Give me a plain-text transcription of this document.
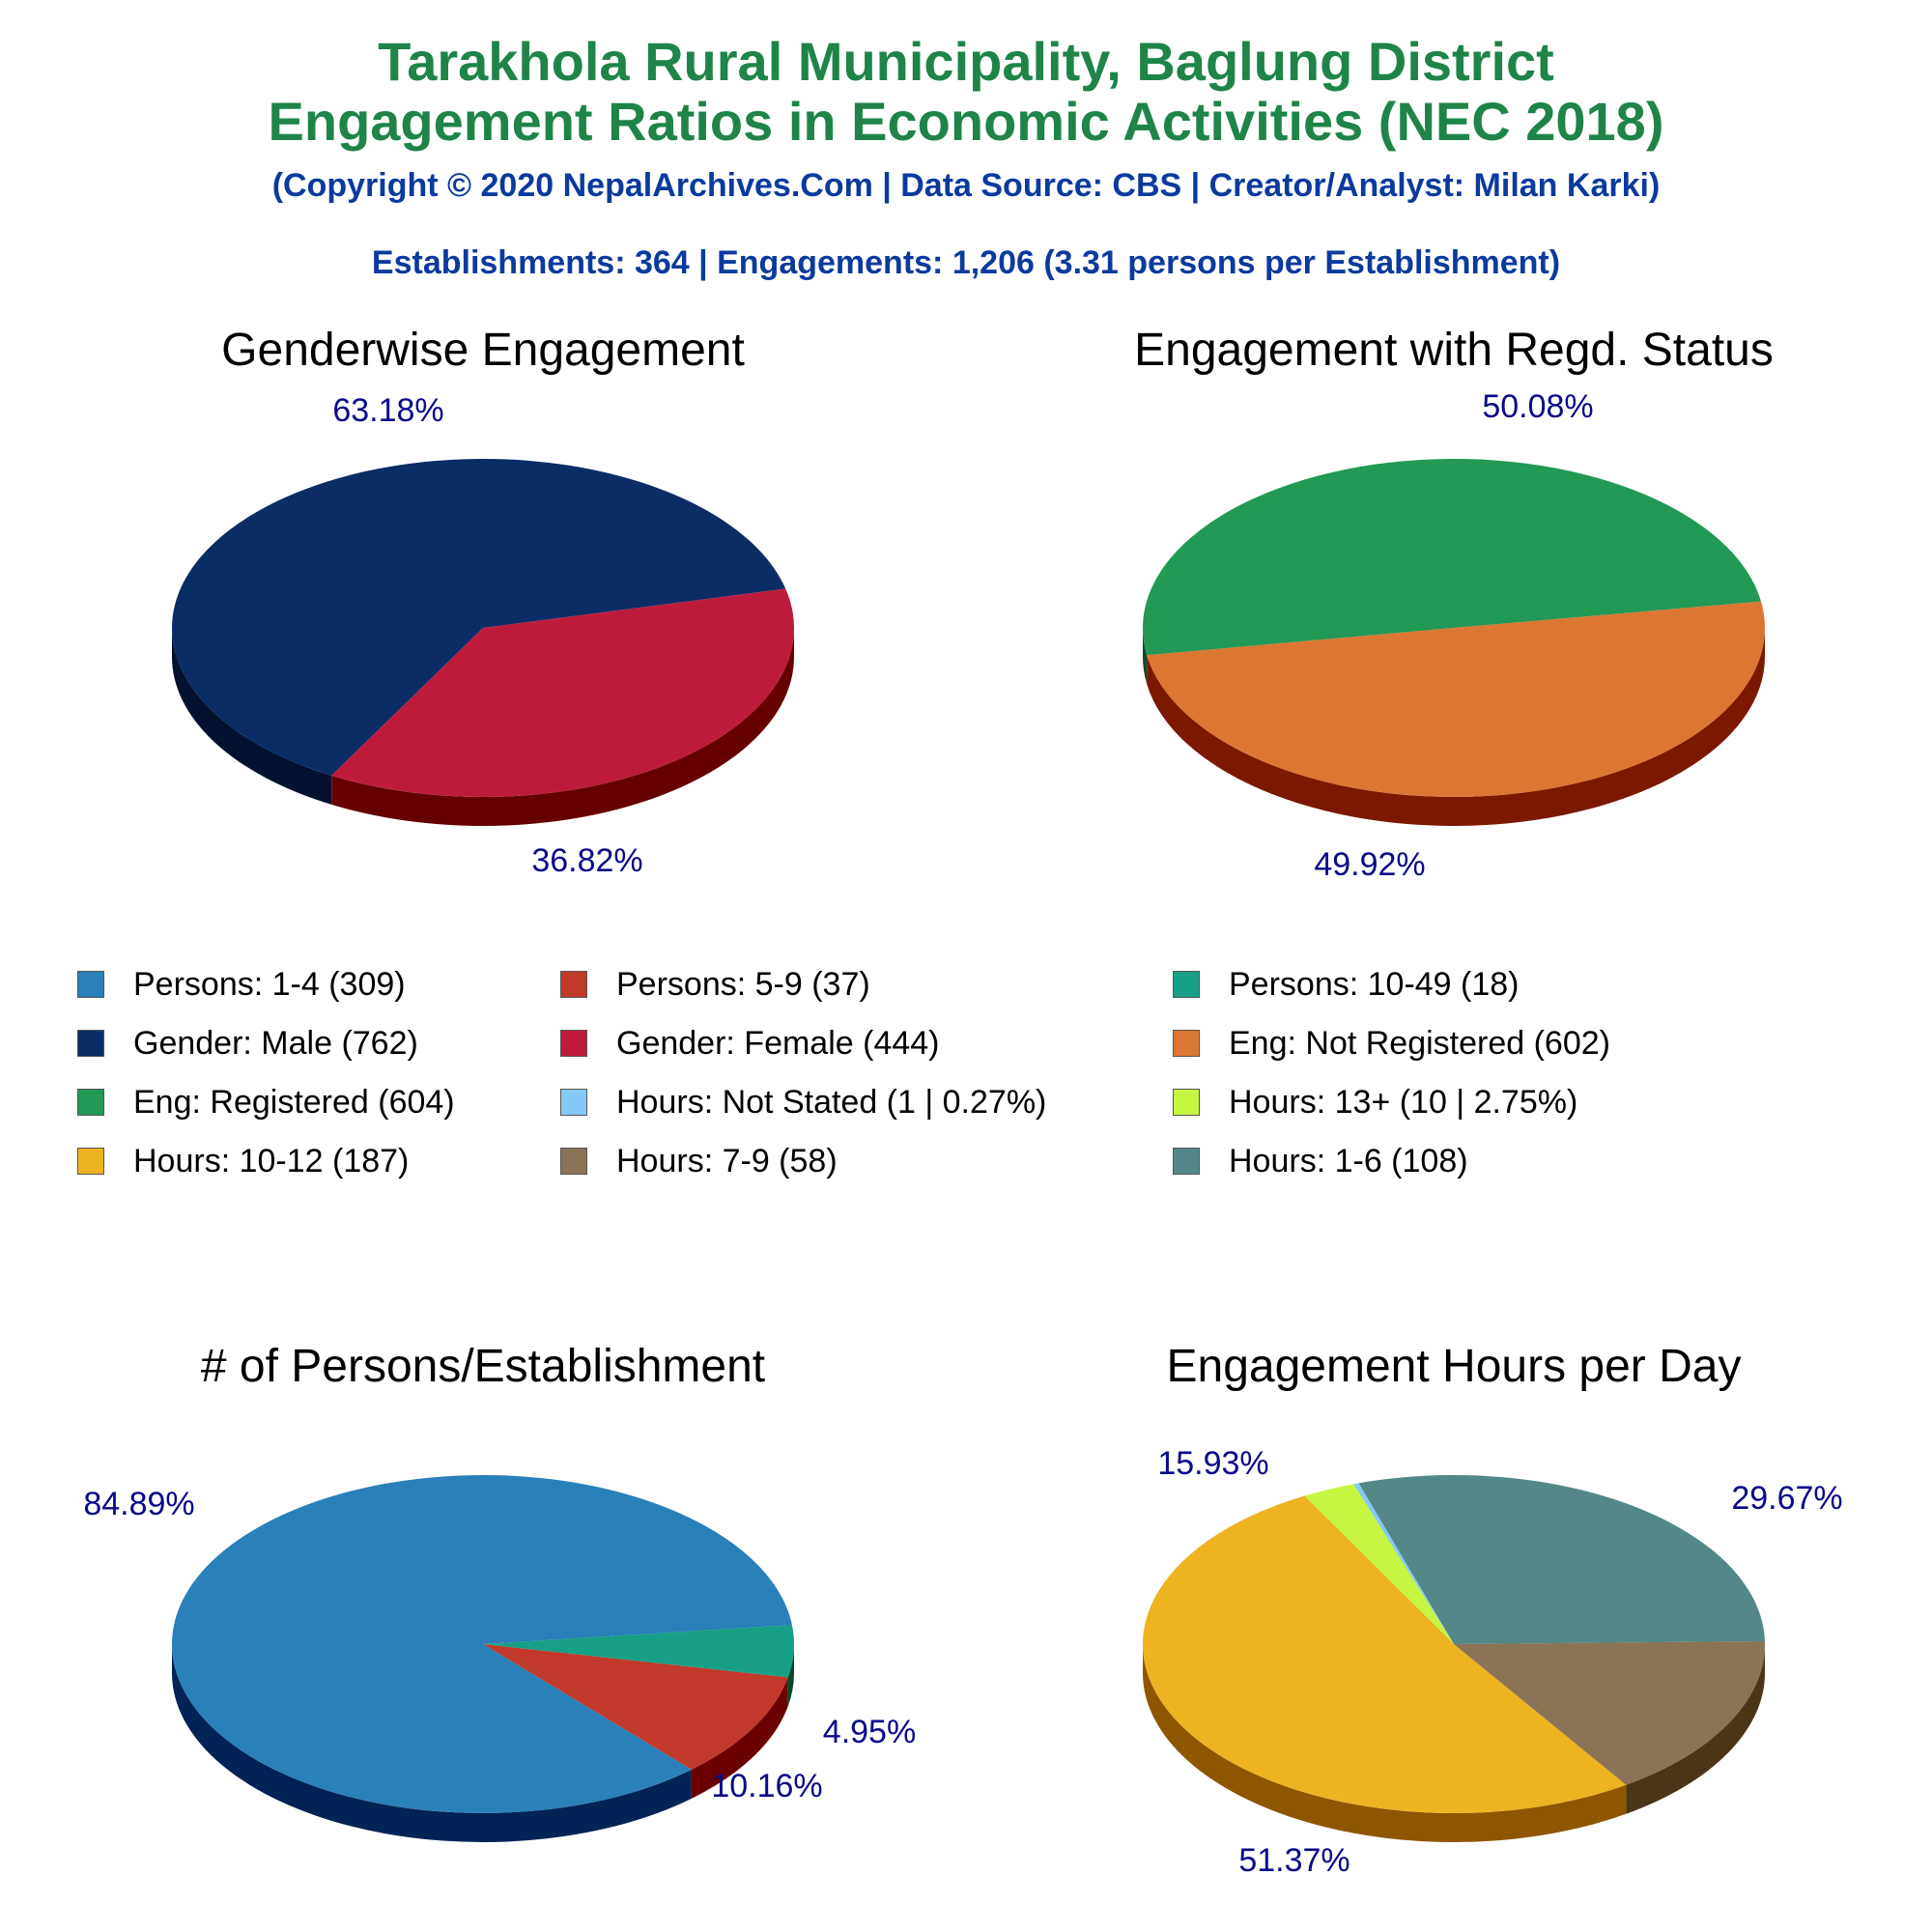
Tarakhola Rural Municipality, Baglung District
Engagement Ratios in Economic Activities (NEC 2018)
(Copyright © 2020 NepalArchives.Com | Data Source: CBS | Creator/Analyst: Milan Karki)
Establishments: 364 | Engagements: 1,206 (3.31 persons per Establishment)
Genderwise Engagement
63.18%
36.82%
Engagement with Regd. Status
50.08%
49.92%
# of Persons/Establishment
84.89%
10.16%
4.95%
Engagement Hours per Day
29.67%
51.37%
15.93%
Persons: 1-4 (309)	Persons: 5-9 (37)	Persons: 10-49 (18)
Gender: Male (762)	Gender: Female (444)	Eng: Not Registered (602)
Eng: Registered (604)	Hours: Not Stated (1 | 0.27%)	Hours: 13+ (10 | 2.75%)
Hours: 10-12 (187)	Hours: 7-9 (58)	Hours: 1-6 (108)
